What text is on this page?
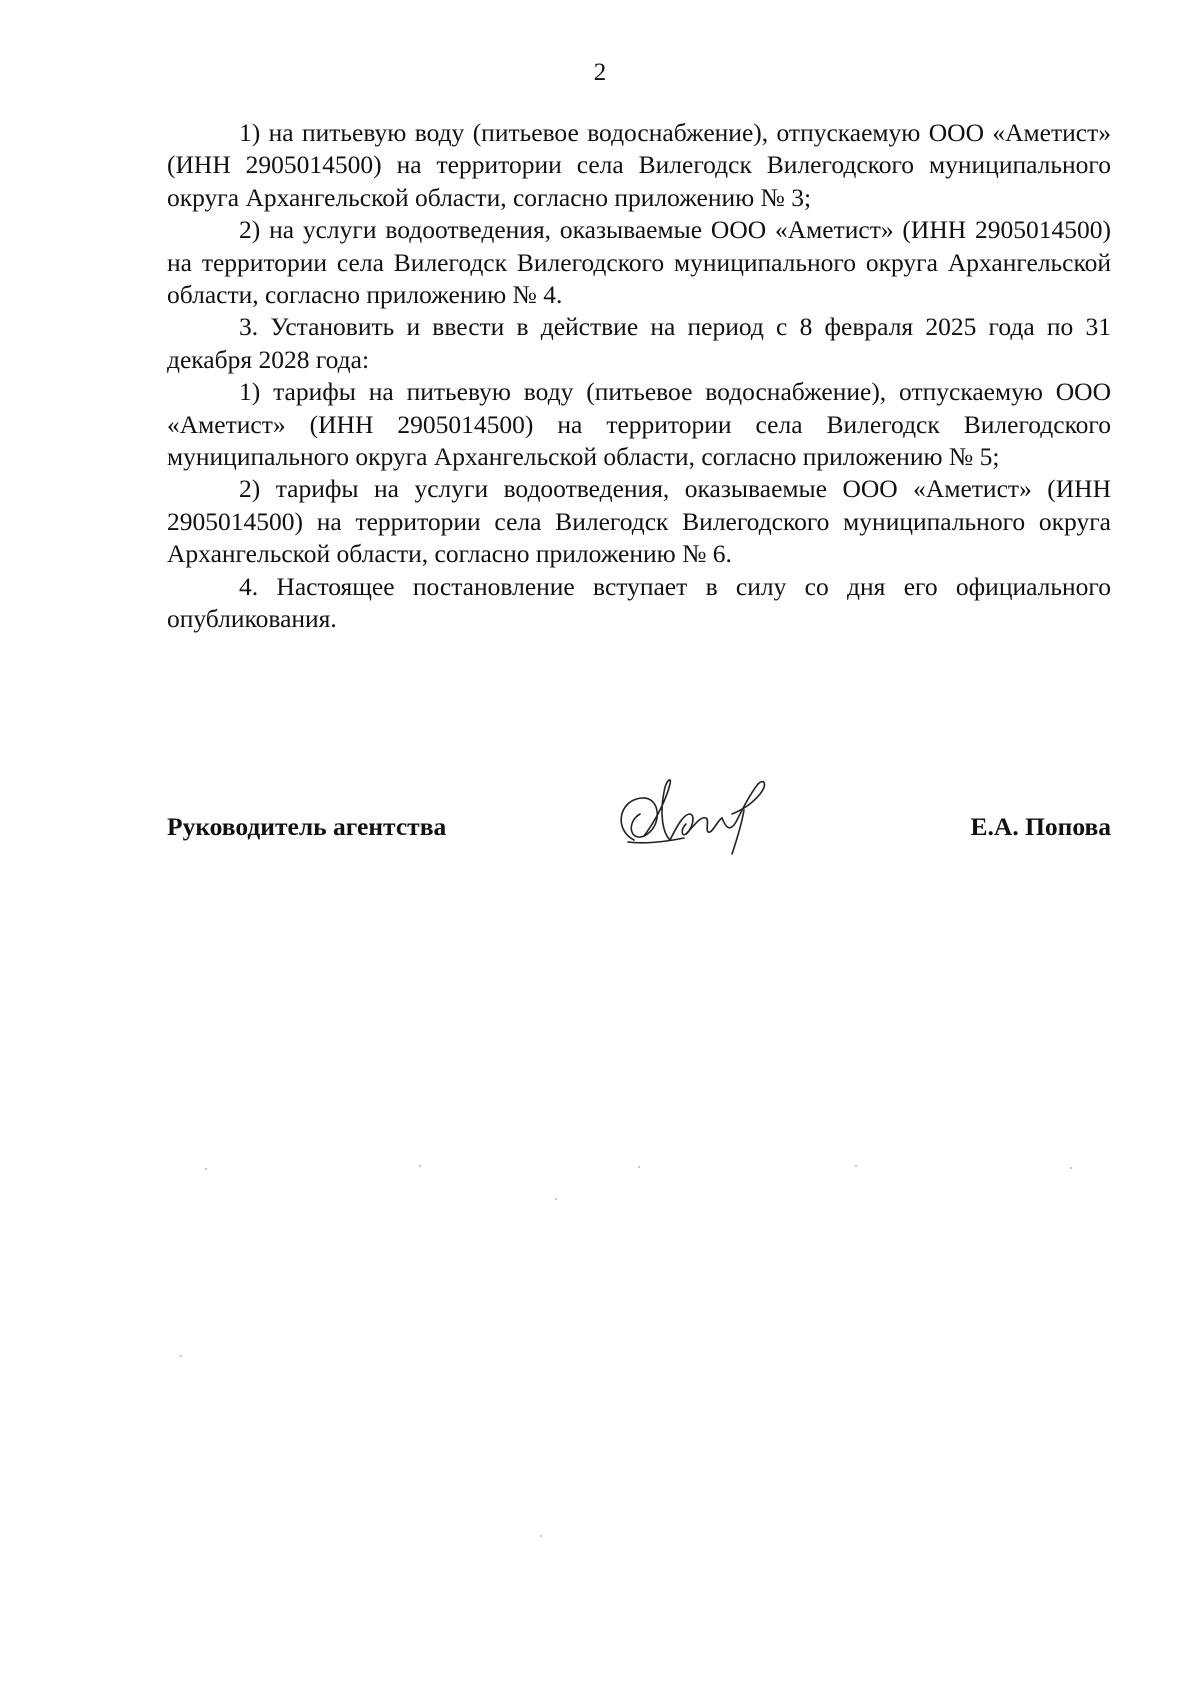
2

1) на питьевую воду (питьевое водоснабжение), отпускаемую ООО «Аметист» (ИНН 2905014500) на территории села Вилегодск Вилегодского муниципального округа Архангельской области, согласно приложению № 3;

2) на услуги водоотведения, оказываемые ООО «Аметист» (ИНН 2905014500) на территории села Вилегодск Вилегодского муниципального округа Архангельской области, согласно приложению № 4.

3. Установить и ввести в действие на период с 8 февраля 2025 года по 31 декабря 2028 года:

1) тарифы на питьевую воду (питьевое водоснабжение), отпускаемую ООО «Аметист» (ИНН 2905014500) на территории села Вилегодск Вилегодского муниципального округа Архангельской области, согласно приложению № 5;

2) тарифы на услуги водоотведения, оказываемые ООО «Аметист» (ИНН 2905014500) на территории села Вилегодск Вилегодского муниципального округа Архангельской области, согласно приложению № 6.

4. Настоящее постановление вступает в силу со дня его официального опубликования.

Руководитель агентства	Е.А. Попова
